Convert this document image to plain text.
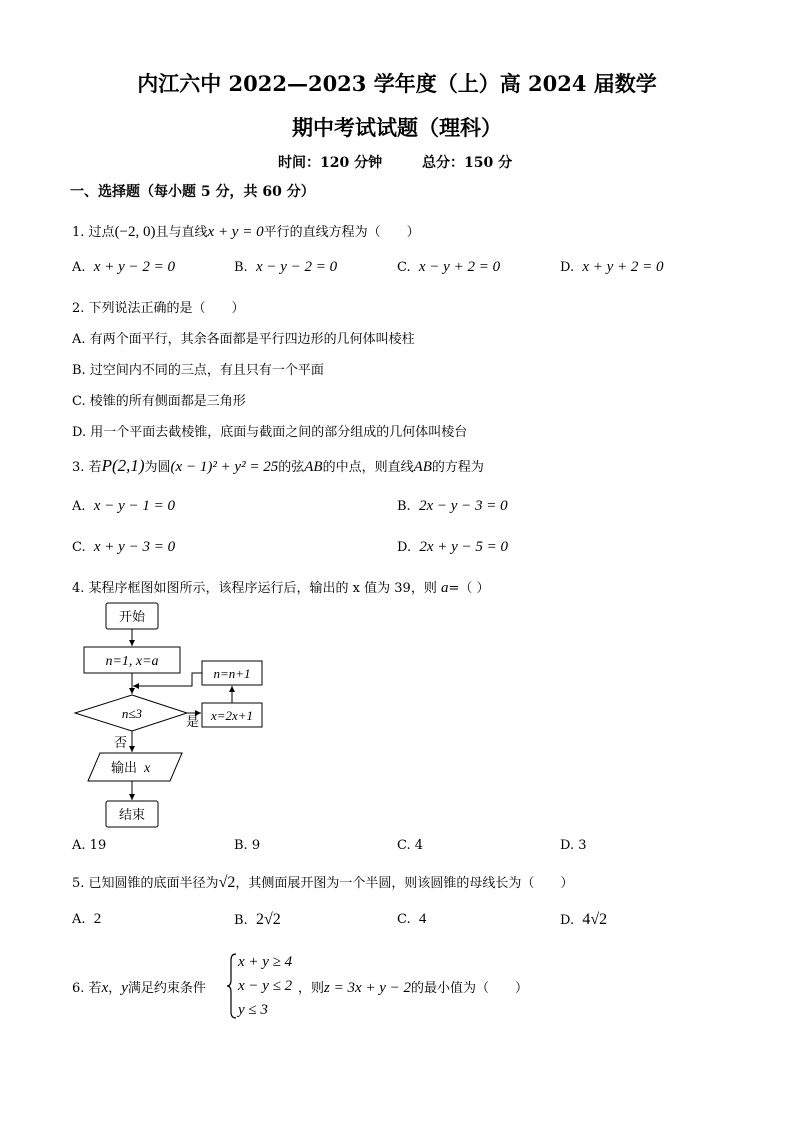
内江六中 2022—2023 学年度（上）高 2024 届数学
期中考试试题（理科）
时间：120 分钟	总分：150 分
一、选择题（每小题 5 分，共 60 分）
1. 过点(−2, 0)且与直线x + y = 0平行的直线方程为（　　）
A. x + y − 2 = 0	B. x − y − 2 = 0	C. x − y + 2 = 0	D. x + y + 2 = 0
2. 下列说法正确的是（　　）
A. 有两个面平行，其余各面都是平行四边形的几何体叫棱柱
B. 过空间内不同的三点，有且只有一个平面
C. 棱锥的所有侧面都是三角形
D. 用一个平面去截棱锥，底面与截面之间的部分组成的几何体叫棱台
3. 若P(2,1)为圆(x − 1)² + y² = 25的弦AB的中点，则直线AB的方程为
A. x − y − 1 = 0	B. 2x − y − 3 = 0
C. x + y − 3 = 0	D. 2x + y − 5 = 0
4. 某程序框图如图所示，该程序运行后，输出的 x 值为 39，则 a=（ ）
开始
n=1, x=a
n≤3
n=n+1
x=2x+1
是
否
输出 x
结束
A. 19	B. 9	C. 4	D. 3
5. 已知圆锥的底面半径为√2，其侧面展开图为一个半圆，则该圆锥的母线长为（　　）
A. 2	B. 2√2	C. 4	D. 4√2
6. 若x，y满足约束条件
x + y ≥ 4
x − y ≤ 2
y ≤ 3
，则z = 3x + y − 2的最小值为（　　）
